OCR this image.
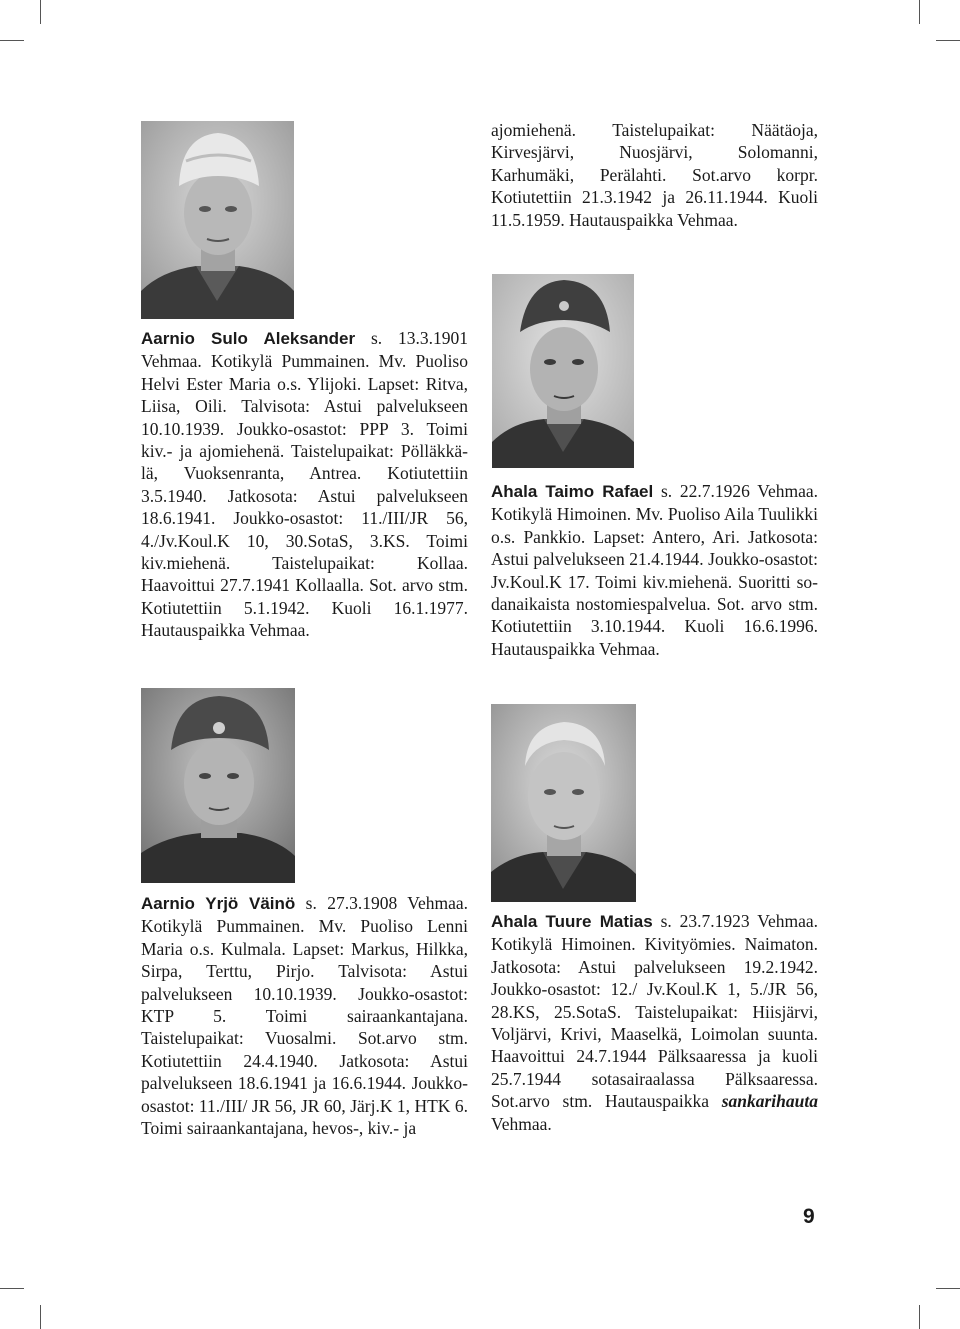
Aarnio Sulo Aleksander s. 13.3.1901 Vehmaa. Kotikylä Pummainen. Mv. Puoliso Helvi Ester Maria o.s. Ylijoki. Lapset: Ritva, Liisa, Oili. Talvisota: Astui palvelukseen 10.10.1939. Joukko-osastot: PPP 3. Toimi kiv.- ja ajomiehenä. Taistelupaikat: Pölläkkälä, Vuoksenranta, Antrea. Kotiutettiin 3.5.1940. Jatkosota: Astui palvelukseen 18.6.1941. Joukko-osastot: 11./III/JR 56, 4./Jv.Koul.K 10, 30.SotaS, 3.KS. Toimi kiv.miehenä. Taistelupaikat: Kollaa. Haavoittui 27.7.1941 Kollaalla. Sot. arvo stm. Kotiutettiin 5.1.1942. Kuoli 16.1.1977. Hautauspaikka Vehmaa.
Aarnio Yrjö Väinö s. 27.3.1908 Vehmaa. Kotikylä Pummainen. Mv. Puoliso Lenni Maria o.s. Kulmala. Lapset: Markus, Hilkka, Sirpa, Terttu, Pirjo. Talvisota: Astui palvelukseen 10.10.1939. Joukko-osastot: KTP 5. Toimi sairaankantajana. Taistelupaikat: Vuosalmi. Sot.arvo stm. Kotiutettiin 24.4.1940. Jatkosota: Astui palvelukseen 18.6.1941 ja 16.6.1944. Joukko-osastot: 11./III/ JR 56, JR 60, Järj.K 1, HTK 6. Toimi sairaankantajana, hevos-, kiv.- ja
ajomiehenä. Taistelupaikat: Näätäoja, Kirvesjärvi, Nuosjärvi, Solomanni, Karhumäki, Perälahti. Sot.arvo korpr. Kotiutettiin 21.3.1942 ja 26.11.1944. Kuoli 11.5.1959. Hautauspaikka Vehmaa.
Ahala Taimo Rafael s. 22.7.1926 Vehmaa. Kotikylä Himoinen. Mv. Puoliso Aila Tuulikki o.s. Pankkio. Lapset: Antero, Ari. Jatkosota: Astui palvelukseen 21.4.1944. Joukko-osastot: Jv.Koul.K 17. Toimi kiv.miehenä. Suoritti sodanaikaista nostomiespalvelua. Sot. arvo stm. Kotiutettiin 3.10.1944. Kuoli 16.6.1996. Hautauspaikka Vehmaa.
Ahala Tuure Matias s. 23.7.1923 Vehmaa. Kotikylä Himoinen. Kivityömies. Naimaton. Jatkosota: Astui palvelukseen 19.2.1942. Joukko-osastot: 12./ Jv.Koul.K 1, 5./JR 56, 28.KS, 25.SotaS. Taistelupaikat: Hiisjärvi, Voljärvi, Krivi, Maaselkä, Loimolan suunta. Haavoittui 24.7.1944 Pälksaaressa ja kuoli 25.7.1944 sotasairaalassa Pälksaaressa. Sot.arvo stm. Hautauspaikka sankarihauta Vehmaa.
9
